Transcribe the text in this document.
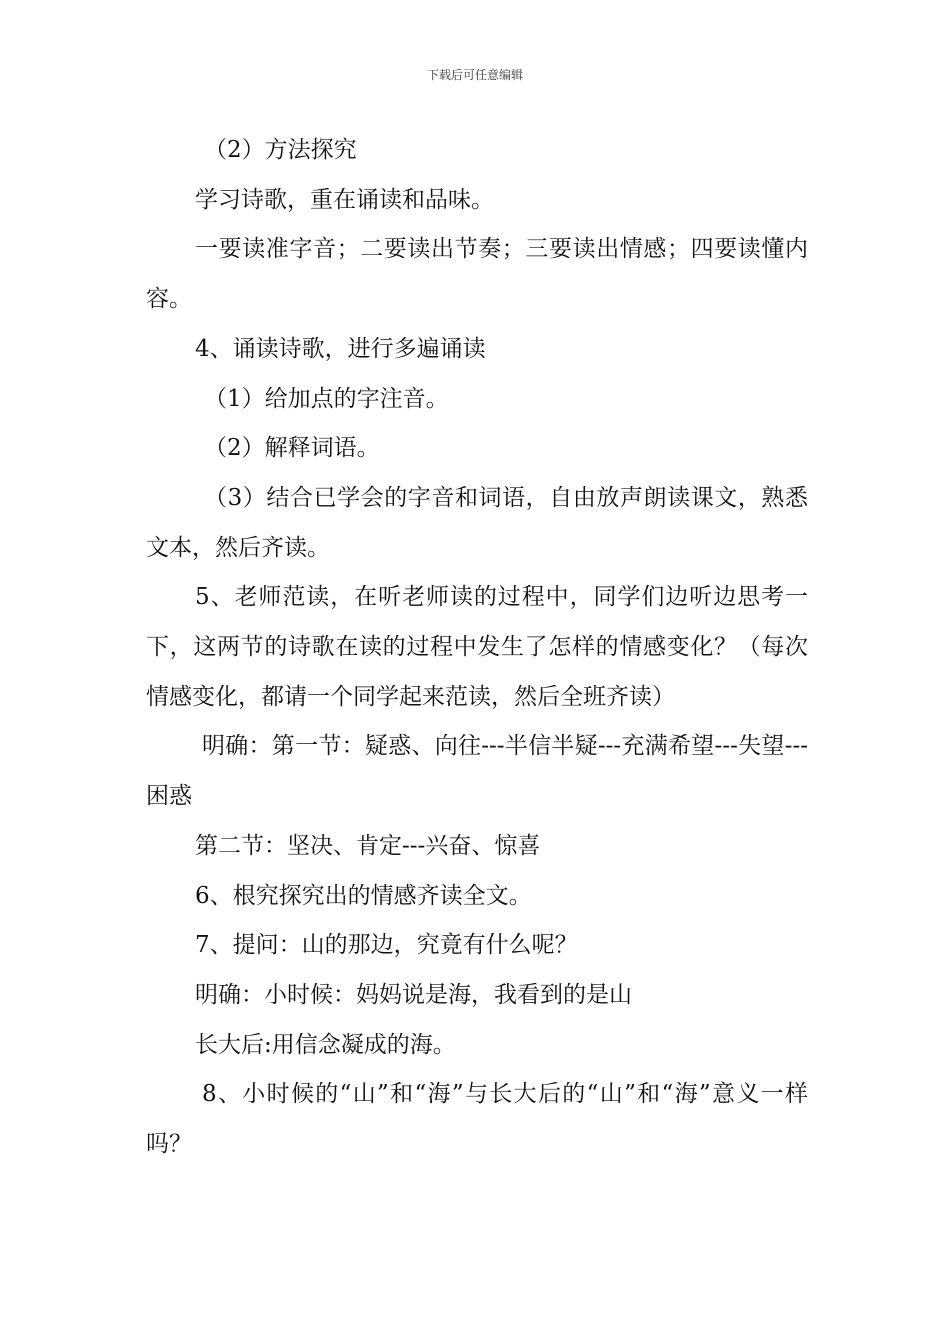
下载后可任意编辑

（2）方法探究

学习诗歌，重在诵读和品味。

一要读准字音；二要读出节奏；三要读出情感；四要读懂内容。

4、诵读诗歌，进行多遍诵读

（1）给加点的字注音。

（2）解释词语。

（3）结合已学会的字音和词语，自由放声朗读课文，熟悉文本，然后齐读。

5、老师范读，在听老师读的过程中，同学们边听边思考一下，这两节的诗歌在读的过程中发生了怎样的情感变化？（每次情感变化，都请一个同学起来范读，然后全班齐读）

明确：第一节：疑惑、向往---半信半疑---充满希望---失望---困惑

第二节：坚决、肯定---兴奋、惊喜

6、根究探究出的情感齐读全文。

7、提问：山的那边，究竟有什么呢？

明确：小时候：妈妈说是海，我看到的是山

长大后:用信念凝成的海。

8、小时候的“山”和“海”与长大后的“山”和“海”意义一样吗？
